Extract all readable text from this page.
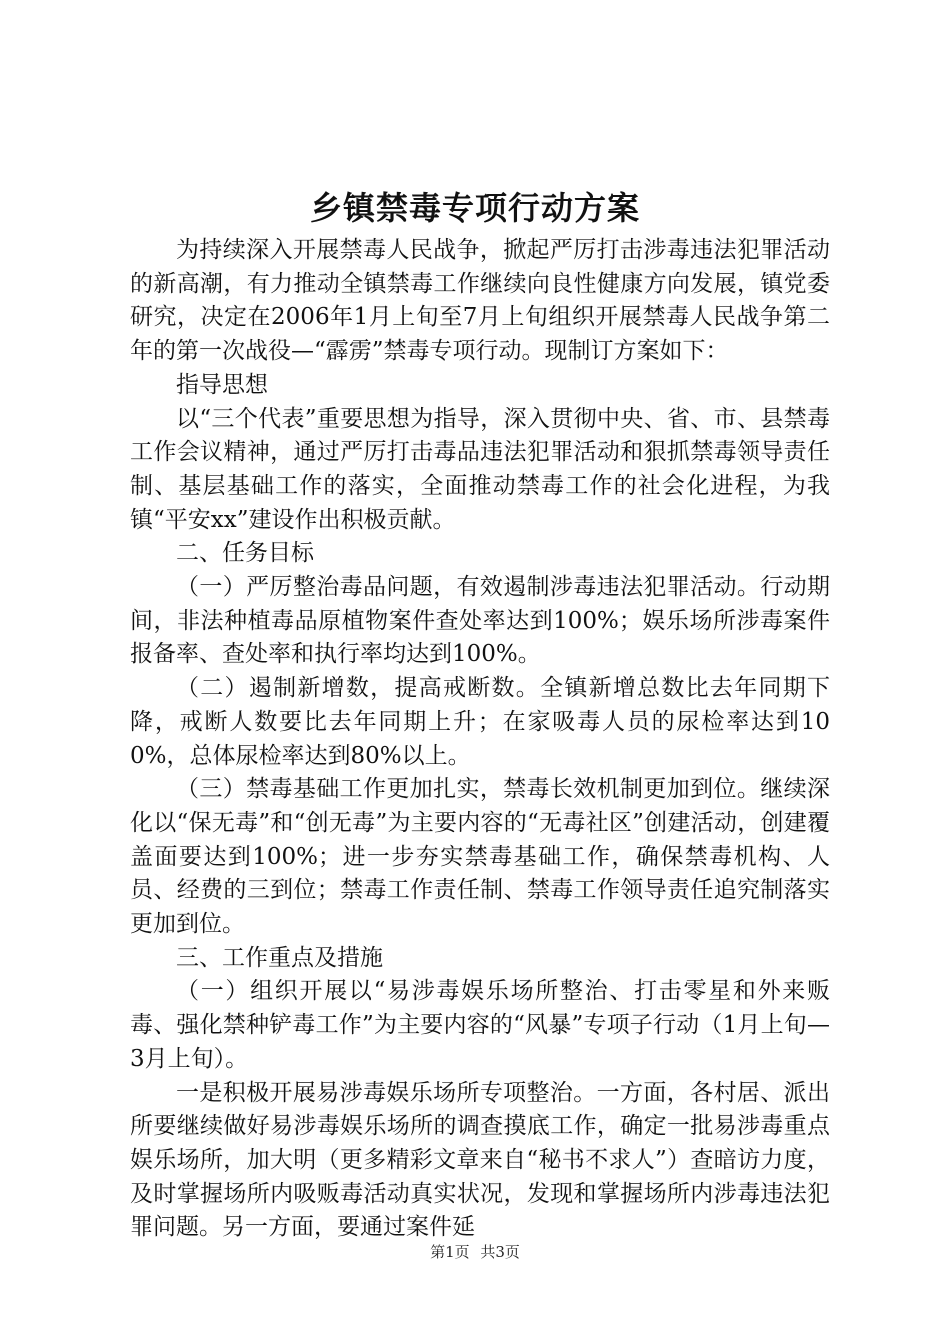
乡镇禁毒专项行动方案

为持续深入开展禁毒人民战争，掀起严厉打击涉毒违法犯罪活动的新高潮，有力推动全镇禁毒工作继续向良性健康方向发展，镇党委研究，决定在2006年1月上旬至7月上旬组织开展禁毒人民战争第二年的第一次战役—“霹雳”禁毒专项行动。现制订方案如下：

指导思想

以“三个代表”重要思想为指导，深入贯彻中央、省、市、县禁毒工作会议精神，通过严厉打击毒品违法犯罪活动和狠抓禁毒领导责任制、基层基础工作的落实，全面推动禁毒工作的社会化进程，为我镇“平安xx”建设作出积极贡献。

二、任务目标

（一）严厉整治毒品问题，有效遏制涉毒违法犯罪活动。行动期间，非法种植毒品原植物案件查处率达到100%；娱乐场所涉毒案件报备率、查处率和执行率均达到100%。

（二）遏制新增数，提高戒断数。全镇新增总数比去年同期下降，戒断人数要比去年同期上升；在家吸毒人员的尿检率达到100%，总体尿检率达到80%以上。

（三）禁毒基础工作更加扎实，禁毒长效机制更加到位。继续深化以“保无毒”和“创无毒”为主要内容的“无毒社区”创建活动，创建覆盖面要达到100%；进一步夯实禁毒基础工作，确保禁毒机构、人员、经费的三到位；禁毒工作责任制、禁毒工作领导责任追究制落实更加到位。

三、工作重点及措施

（一）组织开展以“易涉毒娱乐场所整治、打击零星和外来贩毒、强化禁种铲毒工作”为主要内容的“风暴”专项子行动（1月上旬—3月上旬）。

一是积极开展易涉毒娱乐场所专项整治。一方面，各村居、派出所要继续做好易涉毒娱乐场所的调查摸底工作，确定一批易涉毒重点娱乐场所，加大明（更多精彩文章来自“秘书不求人”）查暗访力度，及时掌握场所内吸贩毒活动真实状况，发现和掌握场所内涉毒违法犯罪问题。另一方面，要通过案件延

第1页 共3页
